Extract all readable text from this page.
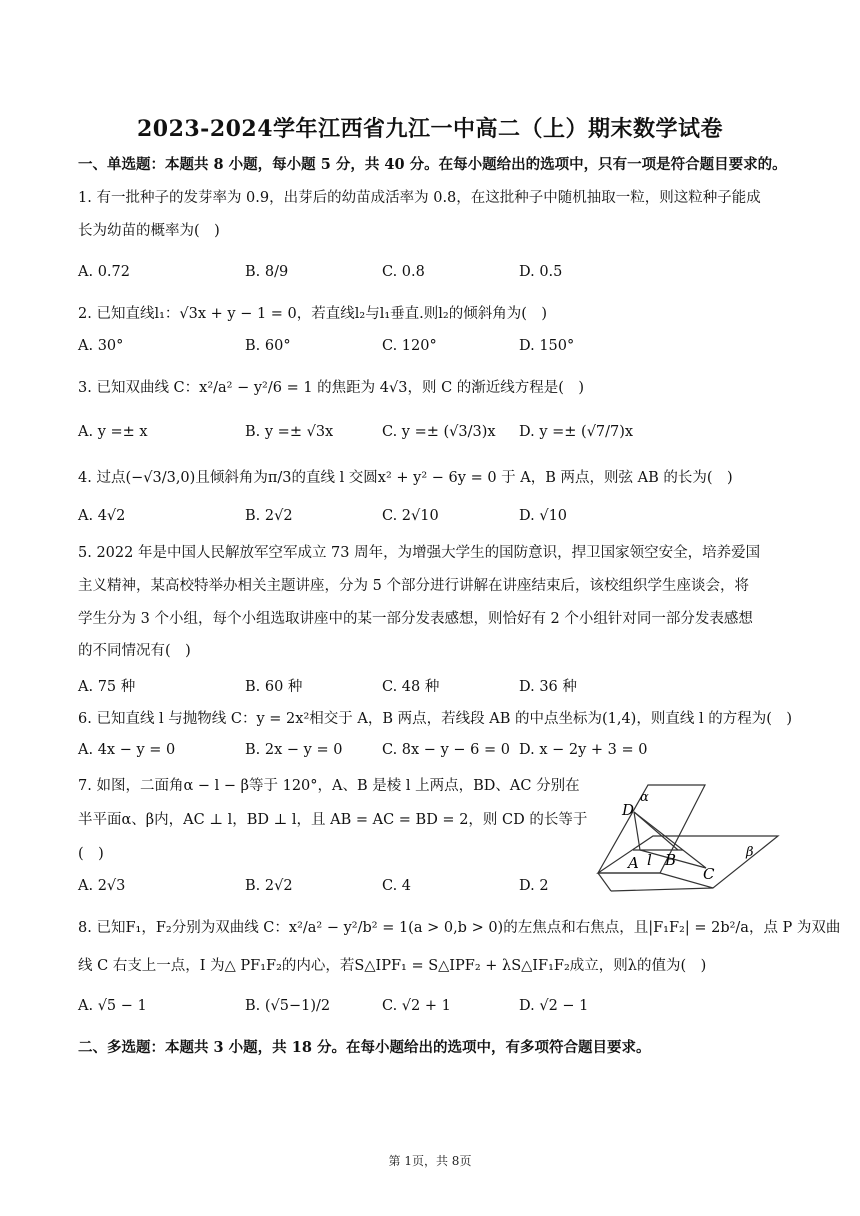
2023-2024学年江西省九江一中高二（上）期末数学试卷
一、单选题：本题共 8 小题，每小题 5 分，共 40 分。在每小题给出的选项中，只有一项是符合题目要求的。
1. 有一批种子的发芽率为 0.9，出芽后的幼苗成活率为 0.8，在这批种子中随机抽取一粒，则这粒种子能成
长为幼苗的概率为(　)
A. 0.72	B. 8/9	C. 0.8	D. 0.5
2. 已知直线l₁：√3x + y − 1 = 0，若直线l₂与l₁垂直.则l₂的倾斜角为(　)
A. 30°	B. 60°	C. 120°	D. 150°
3. 已知双曲线 C：x²/a² − y²/6 = 1 的焦距为 4√3，则 C 的渐近线方程是(　)
A. y =± x	B. y =± √3x	C. y =± (√3/3)x D. y =± (√7/7)x
4. 过点(−√3/3,0)且倾斜角为π/3的直线 l 交圆x² + y² − 6y = 0 于 A，B 两点，则弦 AB 的长为(　)
A. 4√2	B. 2√2	C. 2√10	D. √10
5. 2022 年是中国人民解放军空军成立 73 周年，为增强大学生的国防意识，捍卫国家领空安全，培养爱国
主义精神，某高校特举办相关主题讲座，分为 5 个部分进行讲解在讲座结束后，该校组织学生座谈会，将
学生分为 3 个小组，每个小组选取讲座中的某一部分发表感想，则恰好有 2 个小组针对同一部分发表感想
的不同情况有(　)
A. 75 种	B. 60 种	C. 48 种	D. 36 种
6. 已知直线 l 与抛物线 C：y = 2x²相交于 A，B 两点，若线段 AB 的中点坐标为(1,4)，则直线 l 的方程为(　)
A. 4x − y = 0	B. 2x − y = 0	C. 8x − y − 6 = 0 D. x − 2y + 3 = 0
7. 如图，二面角α − l − β等于 120°，A、B 是棱 l 上两点，BD、AC 分别在
半平面α、β内，AC ⊥ l，BD ⊥ l，且 AB = AC = BD = 2，则 CD 的长等于
(　)
A. 2√3	B. 2√2	C. 4	D. 2
D
α
A l B
C
β
8. 已知F₁，F₂分别为双曲线 C：x²/a² − y²/b² = 1(a > 0,b > 0)的左焦点和右焦点，且|F₁F₂| = 2b²/a，点 P 为双曲
线 C 右支上一点，I 为△ PF₁F₂的内心，若S△IPF₁ = S△IPF₂ + λS△IF₁F₂成立，则λ的值为(　)
A. √5 − 1	B. (√5−1)/2	C. √2 + 1	D. √2 − 1
二、多选题：本题共 3 小题，共 18 分。在每小题给出的选项中，有多项符合题目要求。
第 1页，共 8页
